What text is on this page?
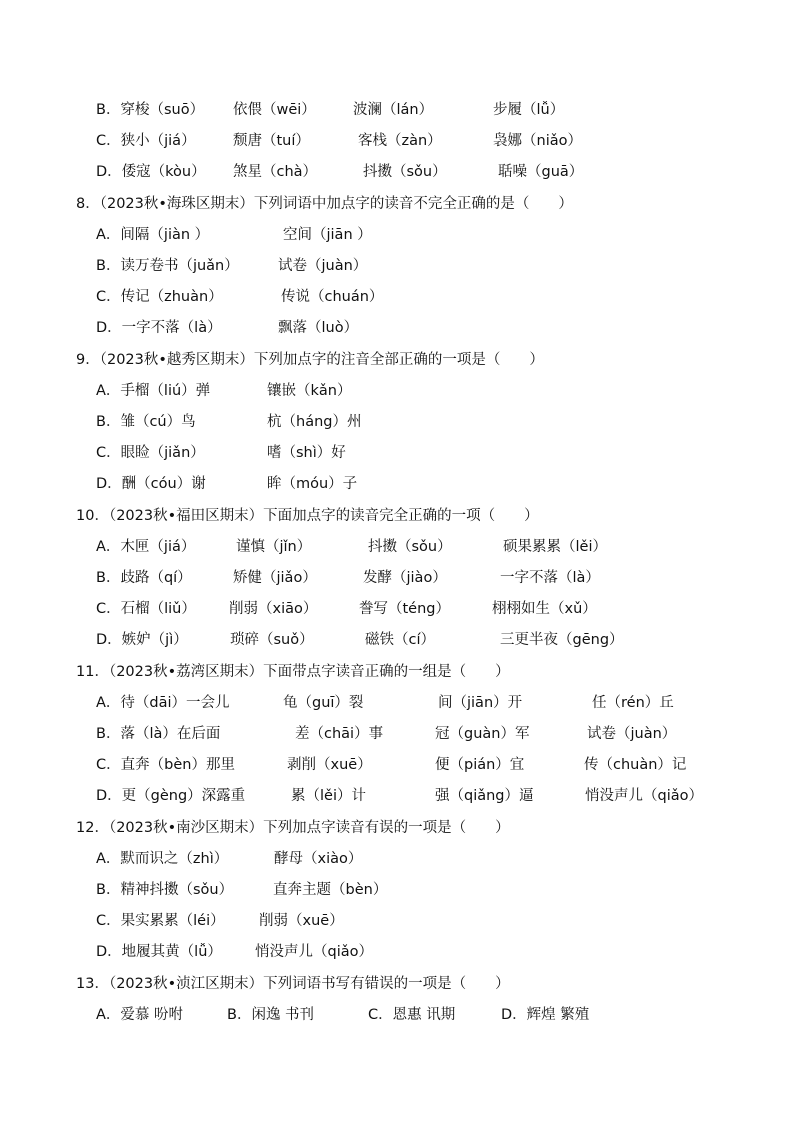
B．穿梭（suō） 依偎（wēi）	波澜（lán）	步履（lǚ）
C．狭小（jiá）	颓唐（tuí）	客栈（zàn）	袅娜（niǎo）
D．倭寇（kòu） 煞星（chà）	抖擞（sǒu）	聒噪（guā）
8．（2023秋•海珠区期末）下列词语中加点字的读音不完全正确的是（　　）
A．间隔（jiàn ）	空间（jiān ）
B．读万卷书（juǎn）	试卷（juàn）
C．传记（zhuàn）	传说（chuán）
D．一字不落（là）	飘落（luò）
9．（2023秋•越秀区期末）下列加点字的注音全部正确的一项是（　　）
A．手榴（liú）弹	镶嵌（kǎn）
B．雏（cú）鸟	杭（háng）州
C．眼睑（jiǎn）	嗜（shì）好
D．酬（cóu）谢	眸（móu）子
10．（2023秋•福田区期末）下面加点字的读音完全正确的一项（　　）
A．木匣（jiá）	谨慎（jǐn）	抖擞（sǒu）	硕果累累（lěi）
B．歧路（qí）	矫健（jiǎo）	发酵（jiào）	一字不落（là）
C．石榴（liǔ） 削弱（xiāo）	誊写（téng）	栩栩如生（xǔ）
D．嫉妒（jì）	琐碎（suǒ）	磁铁（cí）	三更半夜（gēng）
11．（2023秋•荔湾区期末）下面带点字读音正确的一组是（　　）
A．待（dāi）一会儿	龟（guī）裂	间（jiān）开	任（rén）丘
B．落（là）在后面	差（chāi）事	冠（guàn）军	试卷（juàn）
C．直奔（bèn）那里	剥削（xuē）	便（pián）宜	传（chuàn）记
D．更（gèng）深露重	累（lěi）计	强（qiǎng）逼	悄没声儿（qiǎo）
12．（2023秋•南沙区期末）下列加点字读音有误的一项是（　　）
A．默而识之（zhì）	酵母（xiào）
B．精神抖擞（sǒu）	直奔主题（bèn）
C．果实累累（léi） 削弱（xuē）
D．地履其黄（lǚ） 悄没声儿（qiǎo）
13．（2023秋•浈江区期末）下列词语书写有错误的一项是（　　）
A．爱慕 吩咐	B．闲逸 书刊	C．恩惠 讯期	D．辉煌 繁殖
